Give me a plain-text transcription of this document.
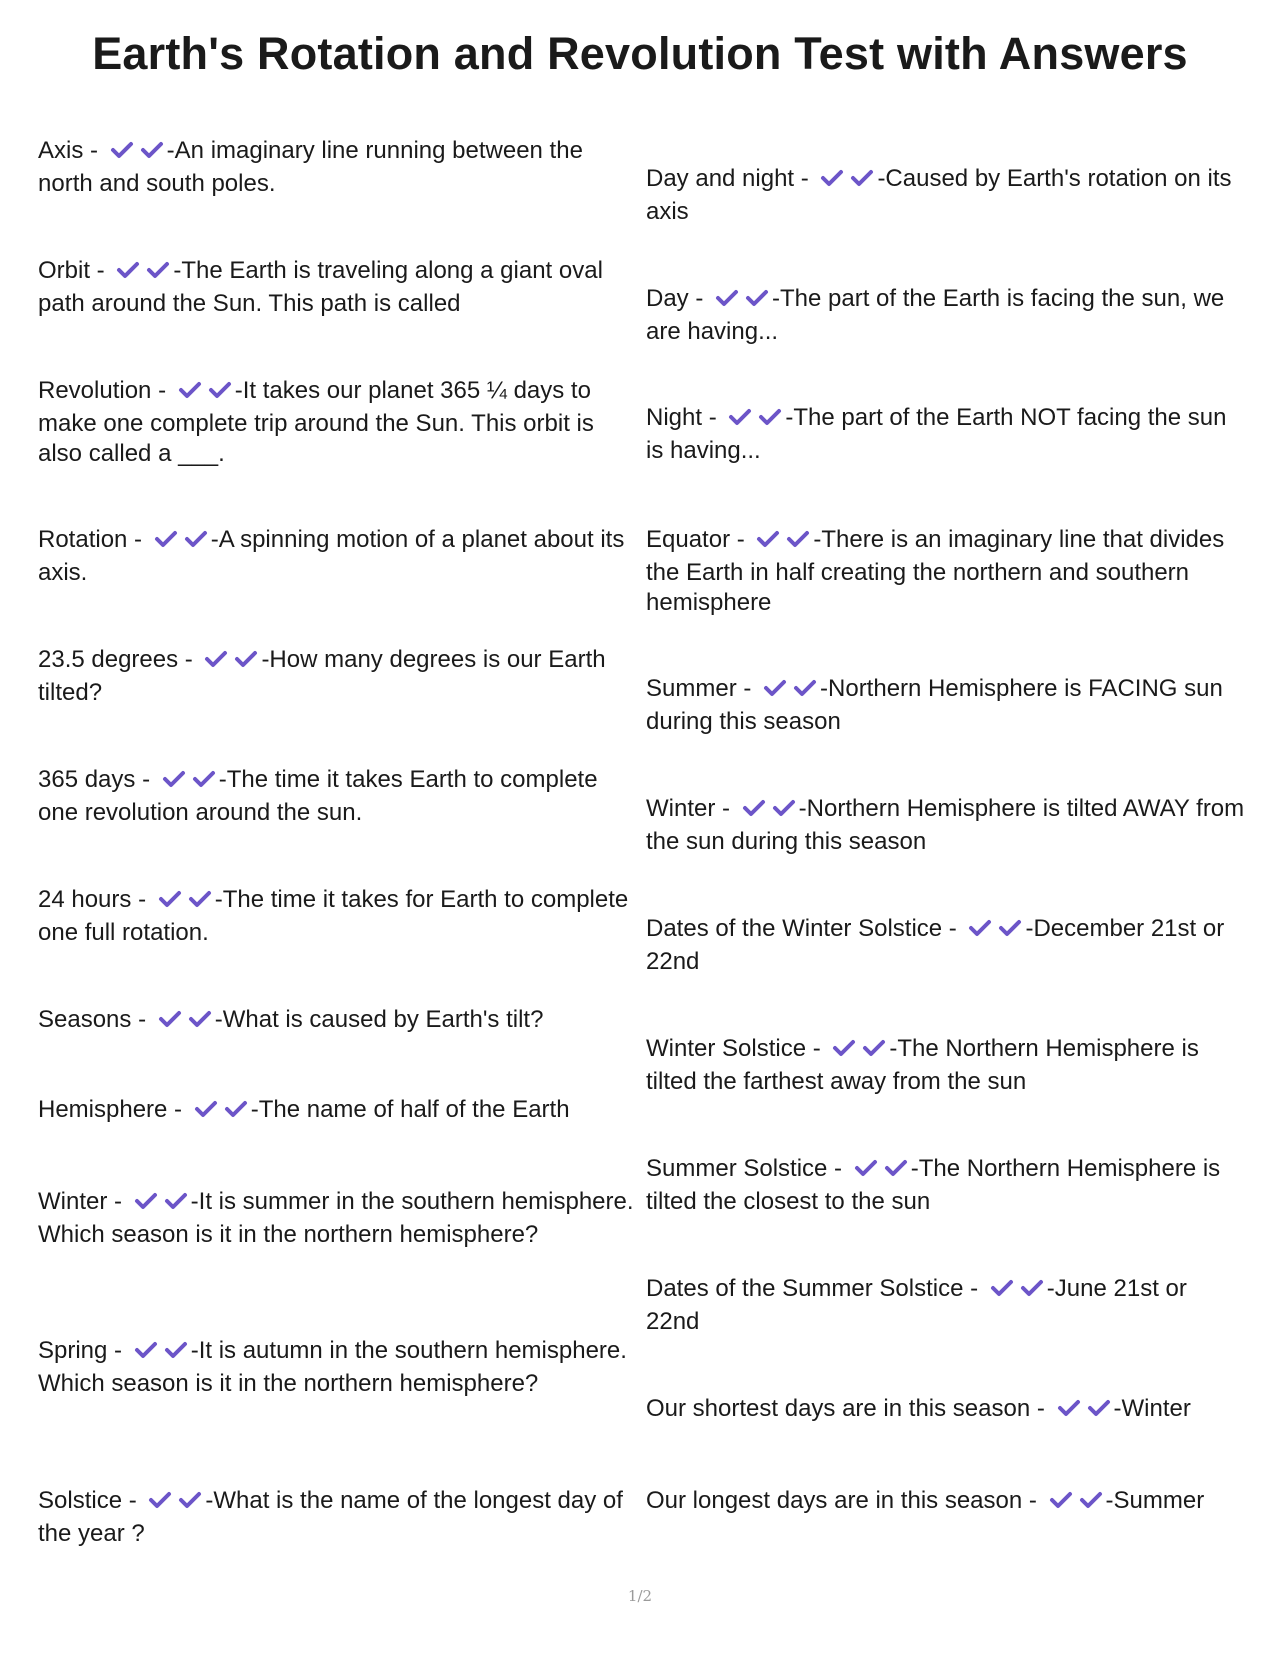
Earth's Rotation and Revolution Test with Answers
Axis -	-An imaginary line running between the north and south poles.
Orbit -	-The Earth is traveling along a giant oval path around the Sun. This path is called
Revolution -	-It takes our planet 365 ¼ days to make one complete trip around the Sun. This orbit is also called a ___.
Rotation -	-A spinning motion of a planet about its axis.
23.5 degrees -	-How many degrees is our Earth tilted?
365 days -	-The time it takes Earth to complete one revolution around the sun.
24 hours -	-The time it takes for Earth to complete one full rotation.
Seasons -	-What is caused by Earth's tilt?
Hemisphere -	-The name of half of the Earth
Winter -	-It is summer in the southern hemisphere. Which season is it in the northern hemisphere?
Spring -	-It is autumn in the southern hemisphere. Which season is it in the northern hemisphere?
Solstice -	-What is the name of the longest day of the year ?
Day and night -	-Caused by Earth's rotation on its axis
Day -	-The part of the Earth is facing the sun, we are having...
Night -	-The part of the Earth NOT facing the sun is having...
Equator -	-There is an imaginary line that divides the Earth in half creating the northern and southern hemisphere
Summer -	-Northern Hemisphere is FACING sun during this season
Winter -	-Northern Hemisphere is tilted AWAY from the sun during this season
Dates of the Winter Solstice -	-December 21st or 22nd
Winter Solstice -	-The Northern Hemisphere is tilted the farthest away from the sun
Summer Solstice -	-The Northern Hemisphere is tilted the closest to the sun
Dates of the Summer Solstice -	-June 21st or 22nd
Our shortest days are in this season -	-Winter
Our longest days are in this season -	-Summer
1/2
